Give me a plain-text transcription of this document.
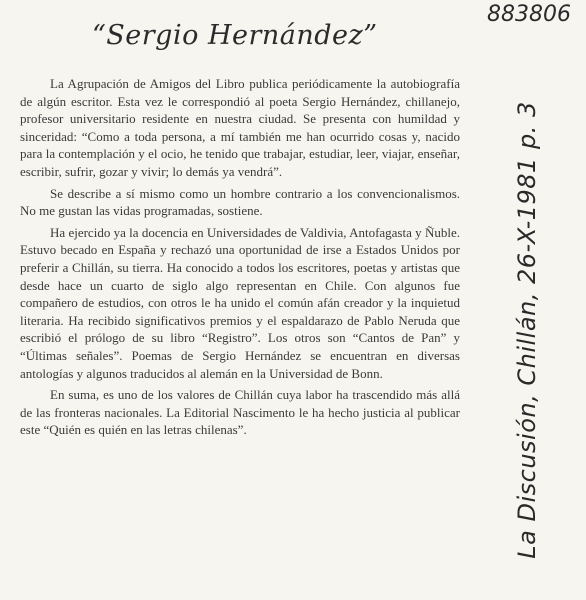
883806
“Sergio Hernández”

La Agrupación de Amigos del Libro publica periódicamente la autobiografía de algún escritor. Esta vez le correspondió al poeta Sergio Hernández, chillanejo, profesor universitario residente en nuestra ciudad. Se presenta con humildad y sinceridad: “Como a toda persona, a mí también me han ocurrido cosas y, nacido para la contemplación y el ocio, he tenido que trabajar, estudiar, leer, viajar, enseñar, escribir, sufrir, gozar y vivir; lo demás ya vendrá”.

Se describe a sí mismo como un hombre contrario a los convencionalismos. No me gustan las vidas programadas, sostiene.

Ha ejercido ya la docencia en Universidades de Valdivia, Antofagasta y Ñuble. Estuvo becado en España y rechazó una oportunidad de irse a Estados Unidos por preferir a Chillán, su tierra. Ha conocido a todos los escritores, poetas y artistas que desde hace un cuarto de siglo algo representan en Chile. Con algunos fue compañero de estudios, con otros le ha unido el común afán creador y la inquietud literaria. Ha recibido significativos premios y el espaldarazo de Pablo Neruda que escribió el prólogo de su libro “Registro”. Los otros son “Cantos de Pan” y “Últimas señales”. Poemas de Sergio Hernández se encuentran en diversas antologías y algunos traducidos al alemán en la Universidad de Bonn.

En suma, es uno de los valores de Chillán cuya labor ha trascendido más allá de las fronteras nacionales. La Editorial Nascimento le ha hecho justicia al publicar este “Quién es quién en las letras chilenas”.	La Discusión, Chillán, 26-X-1981 p. 3
